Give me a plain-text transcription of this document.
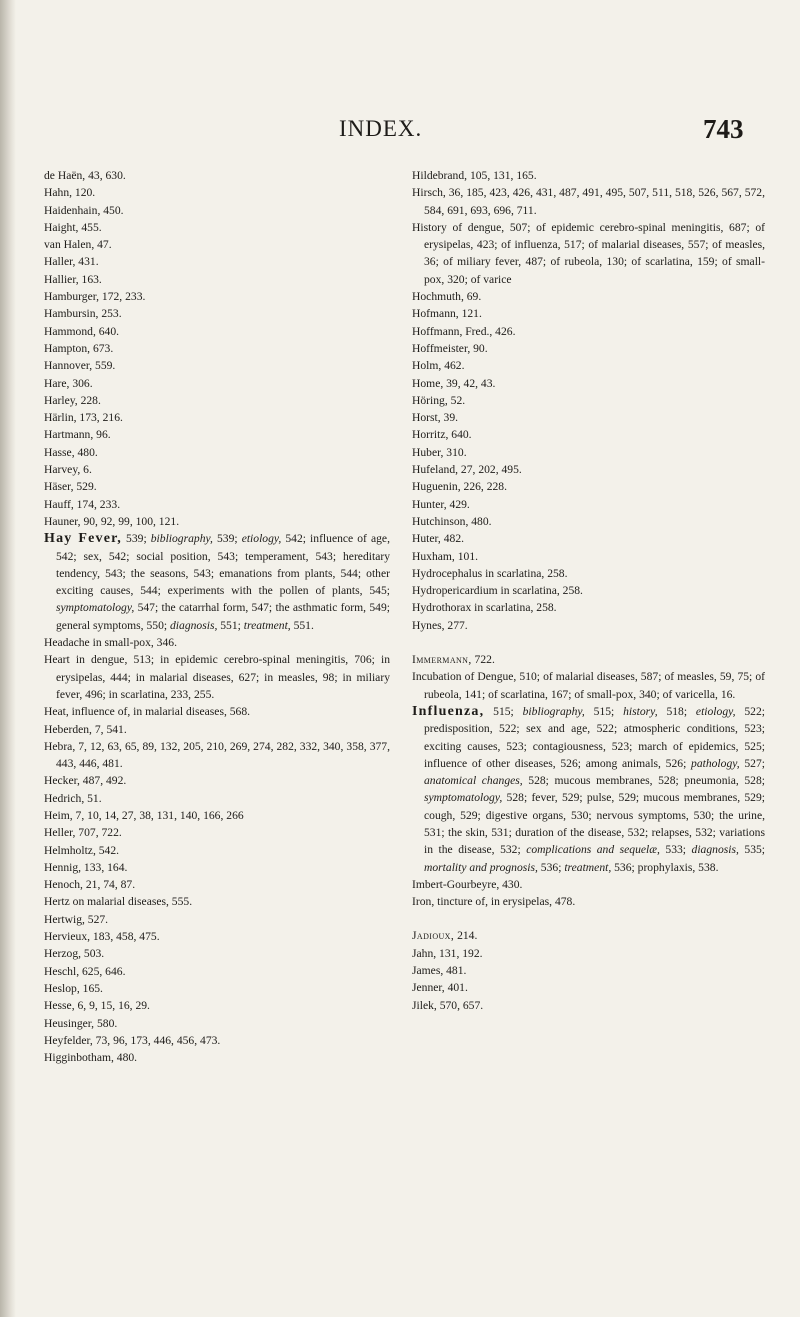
INDEX.	743
de Haën, 43, 630.
Hahn, 120.
Haidenhain, 450.
Haight, 455.
van Halen, 47.
Haller, 431.
Hallier, 163.
Hamburger, 172, 233.
Hambursin, 253.
Hammond, 640.
Hampton, 673.
Hannover, 559.
Hare, 306.
Harley, 228.
Härlin, 173, 216.
Hartmann, 96.
Hasse, 480.
Harvey, 6.
Häser, 529.
Hauff, 174, 233.
Hauner, 90, 92, 99, 100, 121.
Hay Fever, 539; bibliography, 539; etiology, 542; influence of age, 542; sex, 542; social position, 543; temperament, 543; hereditary tendency, 543; the seasons, 543; emanations from plants, 544; other exciting causes, 544; experiments with the pollen of plants, 545; symptomatology, 547; the catarrhal form, 547; the asthmatic form, 549; general symptoms, 550; diagnosis, 551; treatment, 551.
Headache in small-pox, 346.
Heart in dengue, 513; in epidemic cerebro-spinal meningitis, 706; in erysipelas, 444; in malarial diseases, 627; in measles, 98; in miliary fever, 496; in scarlatina, 233, 255.
Heat, influence of, in malarial diseases, 568.
Heberden, 7, 541.
Hebra, 7, 12, 63, 65, 89, 132, 205, 210, 269, 274, 282, 332, 340, 358, 377, 443, 446, 481.
Hecker, 487, 492.
Hedrich, 51.
Heim, 7, 10, 14, 27, 38, 131, 140, 166, 266
Heller, 707, 722.
Helmholtz, 542.
Hennig, 133, 164.
Henoch, 21, 74, 87.
Hertz on malarial diseases, 555.
Hertwig, 527.
Hervieux, 183, 458, 475.
Herzog, 503.
Heschl, 625, 646.
Heslop, 165.
Hesse, 6, 9, 15, 16, 29.
Heusinger, 580.
Heyfelder, 73, 96, 173, 446, 456, 473.
Higginbotham, 480.
Hildebrand, 105, 131, 165.
Hirsch, 36, 185, 423, 426, 431, 487, 491, 495, 507, 511, 518, 526, 567, 572, 584, 691, 693, 696, 711.
History of dengue, 507; of epidemic cerebro-spinal meningitis, 687; of erysipelas, 423; of influenza, 517; of malarial diseases, 557; of measles, 36; of miliary fever, 487; of rubeola, 130; of scarlatina, 159; of small-pox, 320; of varice
Hochmuth, 69.
Hofmann, 121.
Hoffmann, Fred., 426.
Hoffmeister, 90.
Holm, 462.
Home, 39, 42, 43.
Höring, 52.
Horst, 39.
Horritz, 640.
Huber, 310.
Hufeland, 27, 202, 495.
Huguenin, 226, 228.
Hunter, 429.
Hutchinson, 480.
Huter, 482.
Huxham, 101.
Hydrocephalus in scarlatina, 258.
Hydropericardium in scarlatina, 258.
Hydrothorax in scarlatina, 258.
Hynes, 277.
Immermann, 722.
Incubation of Dengue, 510; of malarial diseases, 587; of measles, 59, 75; of rubeola, 141; of scarlatina, 167; of small-pox, 340; of varicella, 16.
Influenza, 515; bibliography, 515; history, 518; etiology, 522; predisposition, 522; sex and age, 522; atmospheric conditions, 523; exciting causes, 523; contagiousness, 523; march of epidemics, 525; influence of other diseases, 526; among animals, 526; pathology, 527; anatomical changes, 528; mucous membranes, 528; pneumonia, 528; symptomatology, 528; fever, 529; pulse, 529; mucous membranes, 529; cough, 529; digestive organs, 530; nervous symptoms, 530; the urine, 531; the skin, 531; duration of the disease, 532; relapses, 532; variations in the disease, 532; complications and sequelæ, 533; diagnosis, 535; mortality and prognosis, 536; treatment, 536; prophylaxis, 538.
Imbert-Gourbeyre, 430.
Iron, tincture of, in erysipelas, 478.
Jadioux, 214.
Jahn, 131, 192.
James, 481.
Jenner, 401.
Jilek, 570, 657.
